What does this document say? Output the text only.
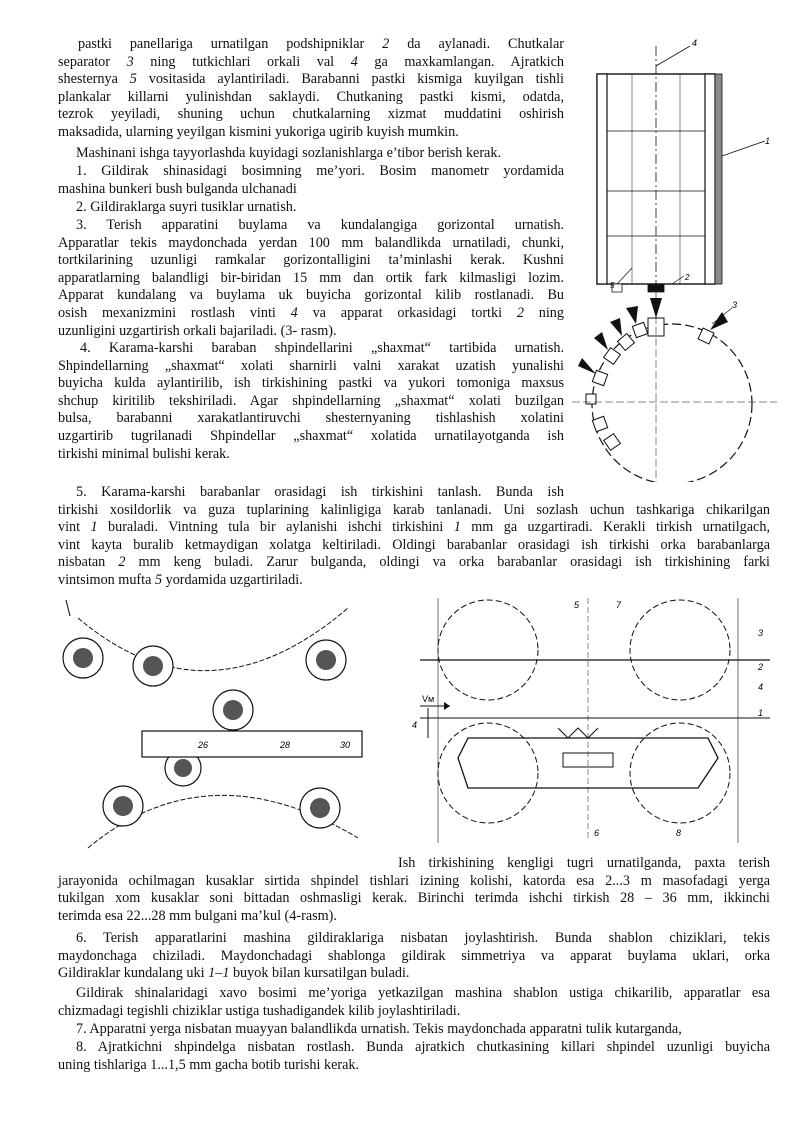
pastki panellariga urnatilgan podshipniklar 2 da aylanadi. Chutkalar
separator 3 ning tutkichlari orkali val 4 ga maxkamlangan. Ajratkich
shesternya 5 vositasida aylantiriladi. Barabanni pastki kismiga kuyilgan tishli
plankalar killarni yulinishdan saklaydi. Chutkaning pastki kismi, odatda,
tezrok yeyiladi, shuning uchun chutkalarning xizmat muddatini oshirish
maksadida, ularning yeyilgan kismini yukoriga ugirib kuyish mumkin.
Mashinani ishga tayyorlashda kuyidagi sozlanishlarga e’tibor berish kerak.
1. Gildirak shinasidagi bosimning me’yori. Bosim manometr yordamida
mashina bunkeri bush bulganda ulchanadi
2. Gildiraklarga suyri tusiklar urnatish.
3. Terish apparatini buylama va kundalangiga gorizontal urnatish.
Apparatlar tekis maydonchada yerdan 100 mm balandlikda urnatiladi, chunki,
tortkilarining uzunligi ramkalar gorizontalligini ta’minlashi kerak. Kushni
apparatlarning balandligi bir-biridan 15 mm dan ortik fark kilmasligi lozim.
Apparat kundalang va buylama uk buyicha gorizontal kilib rostlanadi. Bu
osish mexanizmini rostlash vinti 4 va apparat orkasidagi tortki 2 ning
uzunligini uzgartirish orkali bajariladi. (3- rasm).
4. Karama-karshi baraban shpindellarini „shaxmat“ tartibida urnatish.
Shpindellarning „shaxmat“ xolati sharnirli valni xarakat uzatish yunalishi
buyicha kulda aylantirilib, ish tirkishining pastki va yukori tomoniga maxsus
shchup kiritilib tekshiriladi. Agar shpindellarning „shaxmat“ xolati buzilgan
bulsa, barabanni xarakatlantiruvchi shesternyaning tishlashish xolatini
uzgartirib tugrilanadi Shpindellar „shaxmat“ xolatida urnatilayotganda ish
tirkishi minimal bulishi kerak.
5. Karama-karshi barabanlar orasidagi ish tirkishini tanlash. Bunda ish
tirkishi xosildorlik va guza tuplarining kalinligiga karab tanlanadi. Uni sozlash uchun tashkariga chikarilgan
vint 1 buraladi. Vintning tula bir aylanishi ishchi tirkishini 1 mm ga uzgartiradi. Kerakli tirkish urnatilgach,
vint kayta buralib ketmaydigan xolatga keltiriladi. Oldingi barabanlar orasidagi ish tirkishi orka barabanlarga
nisbatan 2 mm keng buladi. Zarur bulganda, oldingi va orka barabanlar orasidagi ish tirkishining farki
vintsimon mufta 5 yordamida uzgartiriladi.
Ish tirkishining kengligi tugri urnatilganda, paxta terish
jarayonida ochilmagan kusaklar sirtida shpindel tishlari izining kolishi, katorda esa 2...3 m masofadagi yerga
tukilgan xom kusaklar soni bittadan oshmasligi kerak. Birinchi terimda ishchi tirkish 28 – 36 mm, ikkinchi
terimda esa 22...28 mm bulgani ma’kul (4-rasm).
6. Terish apparatlarini mashina gildiraklariga nisbatan joylashtirish. Bunda shablon chiziklari, tekis
maydonchaga chiziladi. Maydonchadagi shablonga gildirak simmetriya va apparat buylama uklari, orka
Gildiraklar kundalang uki 1–1 buyok bilan kursatilgan buladi.
Gildirak shinalaridagi xavo bosimi me’yoriga yetkazilgan mashina shablon ustiga chikarilib, apparatlar esa
chizmadagi tegishli chiziklar ustiga tushadigandek kilib joylashtiriladi.
7. Apparatni yerga nisbatan muayyan balandlikda urnatish. Tekis maydonchada apparatni tulik kutarganda,
8. Ajratkichni shpindelga nisbatan rostlash. Bunda ajratkich chutkasining killari shpindel uzunligi buyicha
uning tishlariga 1...1,5 mm gacha botib turishi kerak.
4
1
5
2
3
26	28	30
Vм
4
5	7
3
2
4
1
6	8
